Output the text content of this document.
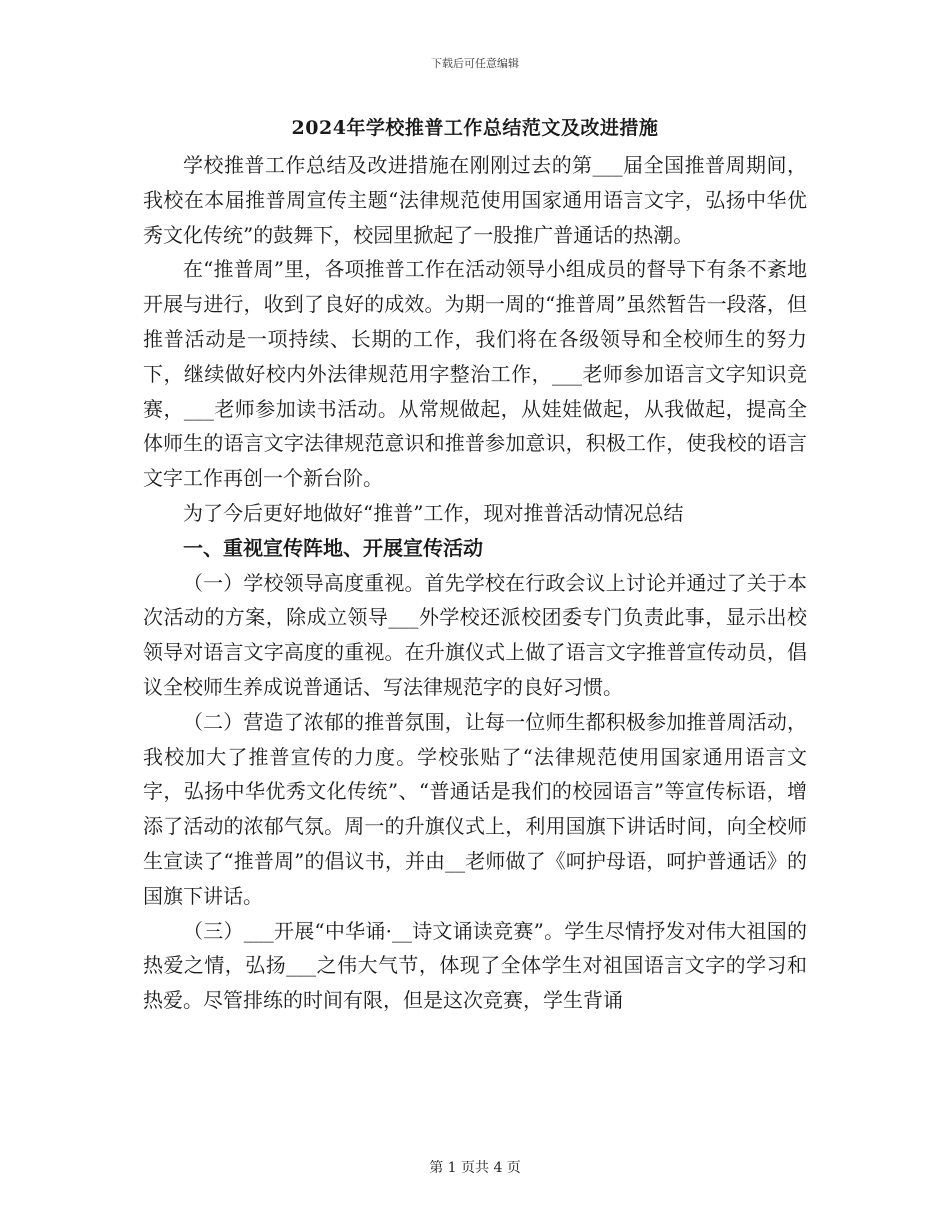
下载后可任意编辑
2024年学校推普工作总结范文及改进措施

学校推普工作总结及改进措施在刚刚过去的第___届全国推普周期间，我校在本届推普周宣传主题“法律规范使用国家通用语言文字，弘扬中华优秀文化传统”的鼓舞下，校园里掀起了一股推广普通话的热潮。

在“推普周”里，各项推普工作在活动领导小组成员的督导下有条不紊地开展与进行，收到了良好的成效。为期一周的“推普周”虽然暂告一段落，但推普活动是一项持续、长期的工作，我们将在各级领导和全校师生的努力下，继续做好校内外法律规范用字整治工作，___老师参加语言文字知识竞赛，___老师参加读书活动。从常规做起，从娃娃做起，从我做起，提高全体师生的语言文字法律规范意识和推普参加意识，积极工作，使我校的语言文字工作再创一个新台阶。

为了今后更好地做好“推普”工作，现对推普活动情况总结

一、重视宣传阵地、开展宣传活动

（一）学校领导高度重视。首先学校在行政会议上讨论并通过了关于本次活动的方案，除成立领导___外学校还派校团委专门负责此事，显示出校领导对语言文字高度的重视。在升旗仪式上做了语言文字推普宣传动员，倡议全校师生养成说普通话、写法律规范字的良好习惯。

（二）营造了浓郁的推普氛围，让每一位师生都积极参加推普周活动，我校加大了推普宣传的力度。学校张贴了“法律规范使用国家通用语言文字，弘扬中华优秀文化传统”、“普通话是我们的校园语言”等宣传标语，增添了活动的浓郁气氛。周一的升旗仪式上，利用国旗下讲话时间，向全校师生宣读了“推普周”的倡议书，并由__老师做了《呵护母语，呵护普通话》的国旗下讲话。

（三）___开展“中华诵·__诗文诵读竞赛”。学生尽情抒发对伟大祖国的热爱之情，弘扬___之伟大气节，体现了全体学生对祖国语言文字的学习和热爱。尽管排练的时间有限，但是这次竞赛，学生背诵

第 1 页共 4 页
